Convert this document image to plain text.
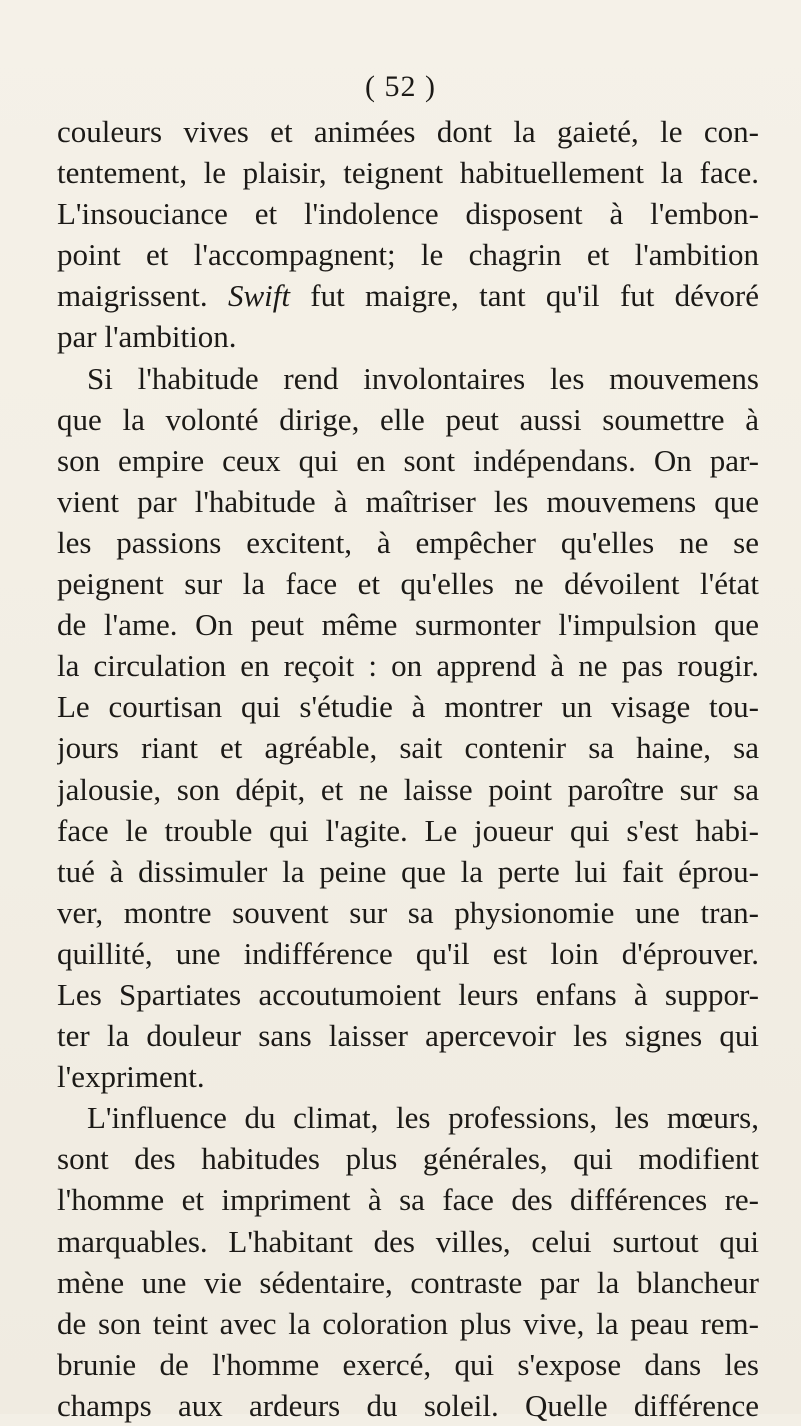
( 52 )
couleurs vives et animées dont la gaieté, le con-
tentement, le plaisir, teignent habituellement la face.
L'insouciance et l'indolence disposent à l'embon-
point et l'accompagnent; le chagrin et l'ambition
maigrissent. Swift fut maigre, tant qu'il fut dévoré
par l'ambition.
Si l'habitude rend involontaires les mouvemens
que la volonté dirige, elle peut aussi soumettre à
son empire ceux qui en sont indépendans. On par-
vient par l'habitude à maîtriser les mouvemens que
les passions excitent, à empêcher qu'elles ne se
peignent sur la face et qu'elles ne dévoilent l'état
de l'ame. On peut même surmonter l'impulsion que
la circulation en reçoit : on apprend à ne pas rougir.
Le courtisan qui s'étudie à montrer un visage tou-
jours riant et agréable, sait contenir sa haine, sa
jalousie, son dépit, et ne laisse point paroître sur sa
face le trouble qui l'agite. Le joueur qui s'est habi-
tué à dissimuler la peine que la perte lui fait éprou-
ver, montre souvent sur sa physionomie une tran-
quillité, une indifférence qu'il est loin d'éprouver.
Les Spartiates accoutumoient leurs enfans à suppor-
ter la douleur sans laisser apercevoir les signes qui
l'expriment.
L'influence du climat, les professions, les mœurs,
sont des habitudes plus générales, qui modifient
l'homme et impriment à sa face des différences re-
marquables. L'habitant des villes, celui surtout qui
mène une vie sédentaire, contraste par la blancheur
de son teint avec la coloration plus vive, la peau rem-
brunie de l'homme exercé, qui s'expose dans les
champs aux ardeurs du soleil. Quelle différence
